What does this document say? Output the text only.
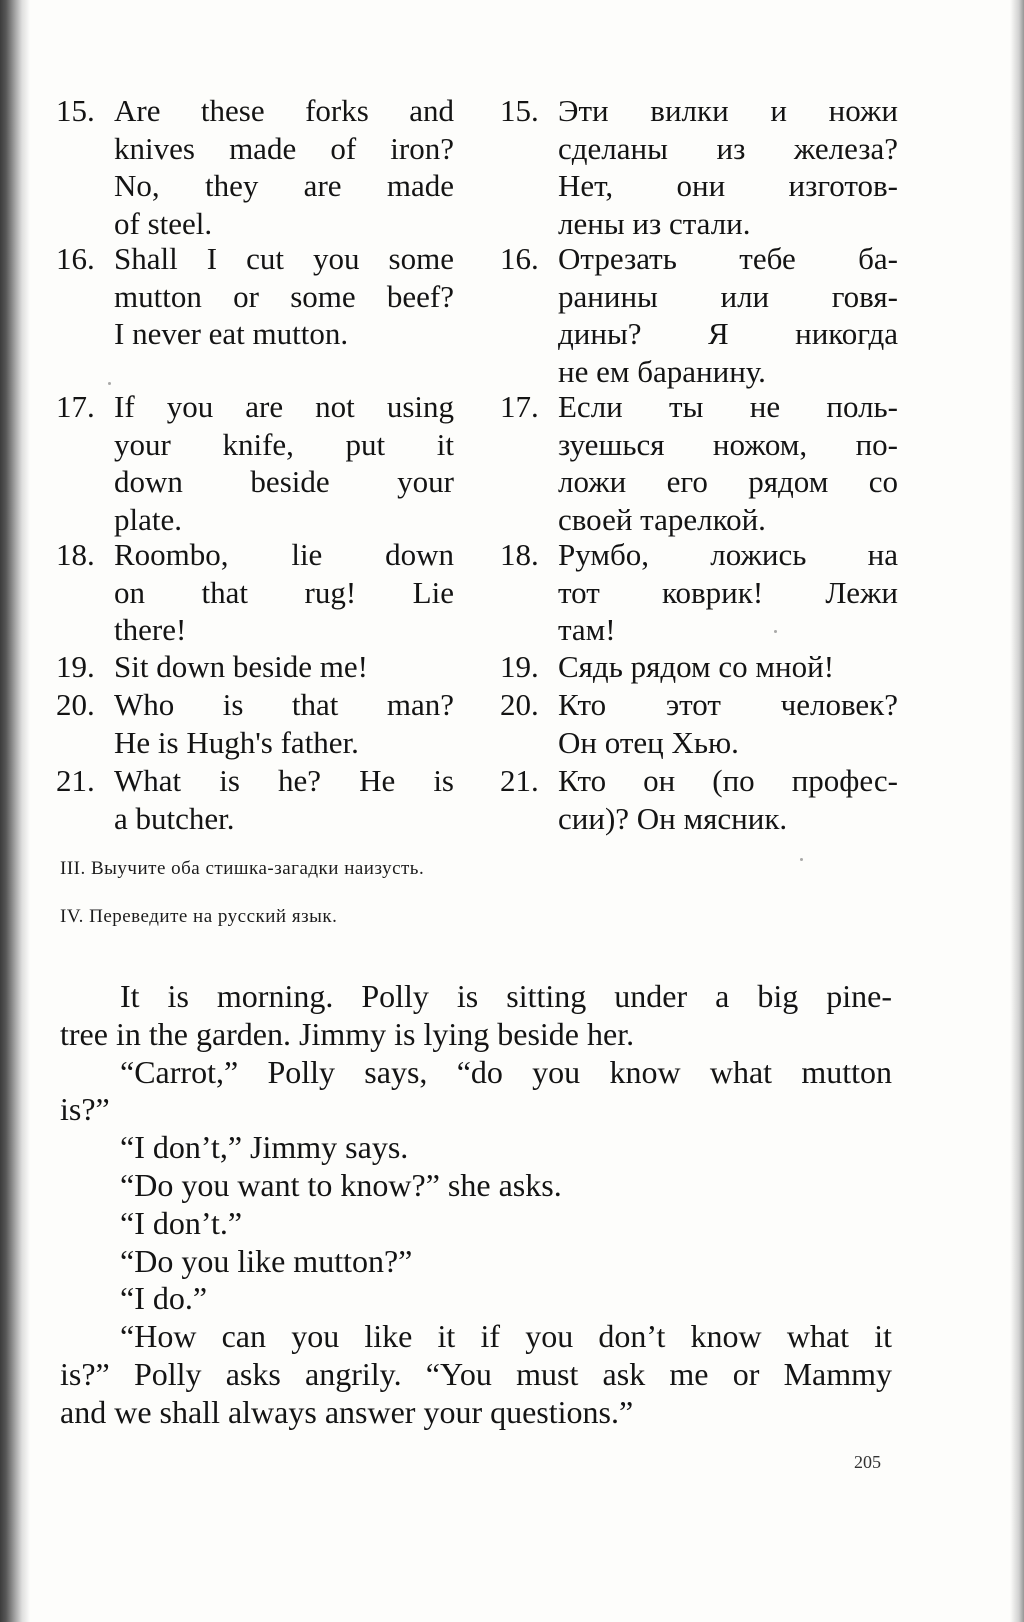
15. Are these forks and
knives made of iron?
No, they are made
of steel.
16. Shall I cut you some
mutton or some beef?
I never eat mutton.
17. If you are not using
your knife, put it
down beside your
plate.
18. Roombo, lie down
on that rug! Lie
there!
19. Sit down beside me!
20. Who is that man?
He is Hugh's father.
21. What is he? He is
a butcher.
15. Эти вилки и ножи
сделаны из железа?
Нет, они изготов-
лены из стали.
16. Отрезать тебе ба-
ранины или говя-
дины? Я никогда
не ем баранину.
17. Если ты не поль-
зуешься ножом, по-
ложи его рядом со
своей тарелкой.
18. Румбо, ложись на
тот коврик! Лежи
там!
19. Сядь рядом со мной!
20. Кто этот человек?
Он отец Хью.
21. Кто он (по профес-
сии)? Он мясник.
III. Выучите оба стишка-загадки наизусть.
IV. Переведите на русский язык.

It is morning. Polly is sitting under a big pine-

tree in the garden. Jimmy is lying beside her.

“Carrot,” Polly says, “do you know what mutton

is?”

“I don’t,” Jimmy says.

“Do you want to know?” she asks.

“I don’t.”

“Do you like mutton?”

“I do.”

“How can you like it if you don’t know what it

is?” Polly asks angrily. “You must ask me or Mammy

and we shall always answer your questions.”

205
